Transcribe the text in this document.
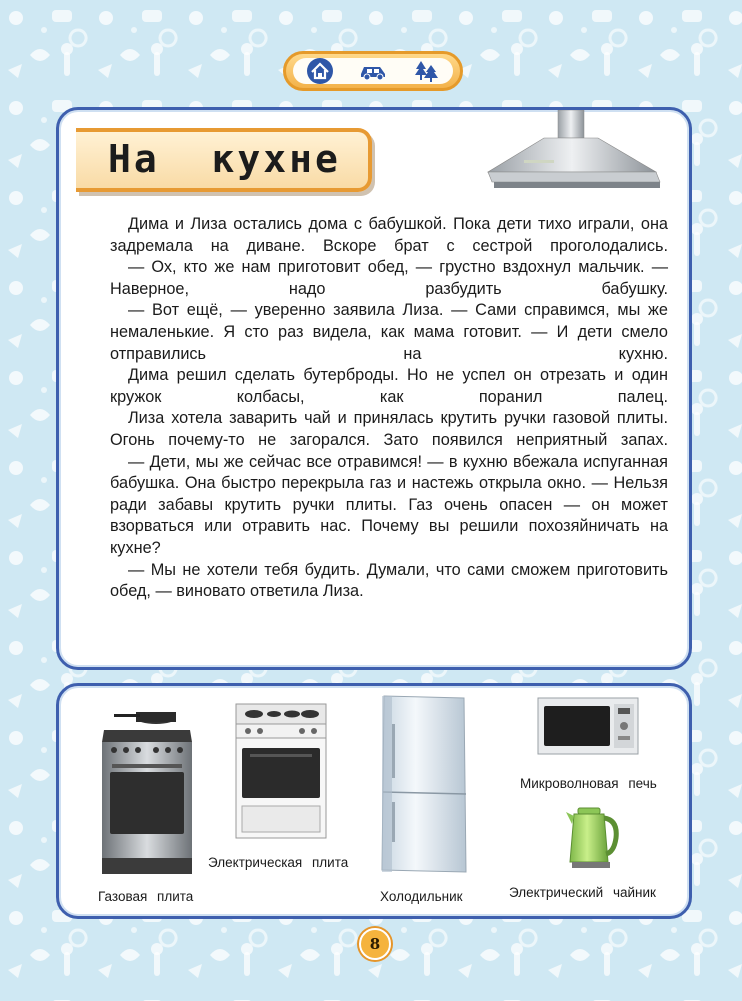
На  кухне

Дима и Лиза остались дома с бабушкой. Пока дети тихо играли, она задремала на диване. Вскоре брат с сестрой проголодались.

— Ох, кто же нам приготовит обед, — грустно вздохнул мальчик. — Наверное, надо разбудить бабушку.

— Вот ещё, — уверенно заявила Лиза. — Сами справимся, мы же немаленькие. Я сто раз видела, как мама готовит. — И дети смело отправились на кухню.

Дима решил сделать бутерброды. Но не успел он отрезать и один кружок колбасы, как поранил палец.

Лиза хотела заварить чай и принялась крутить ручки газовой плиты. Огонь почему-то не загорался. Зато появился неприятный запах.

— Дети, мы же сейчас все отравимся! — в кухню вбежала испуганная бабушка. Она быстро перекрыла газ и настежь открыла окно. — Нельзя ради забавы крутить ручки плиты. Газ очень опасен — он может взорваться или отравить нас. Почему вы решили похозяйничать на кухне?

— Мы не хотели тебя будить. Думали, что сами сможем приготовить обед, — виновато ответила Лиза.

Газовая плита
Электрическая плита
Холодильник
Микроволновая печь
Электрический чайник
8
